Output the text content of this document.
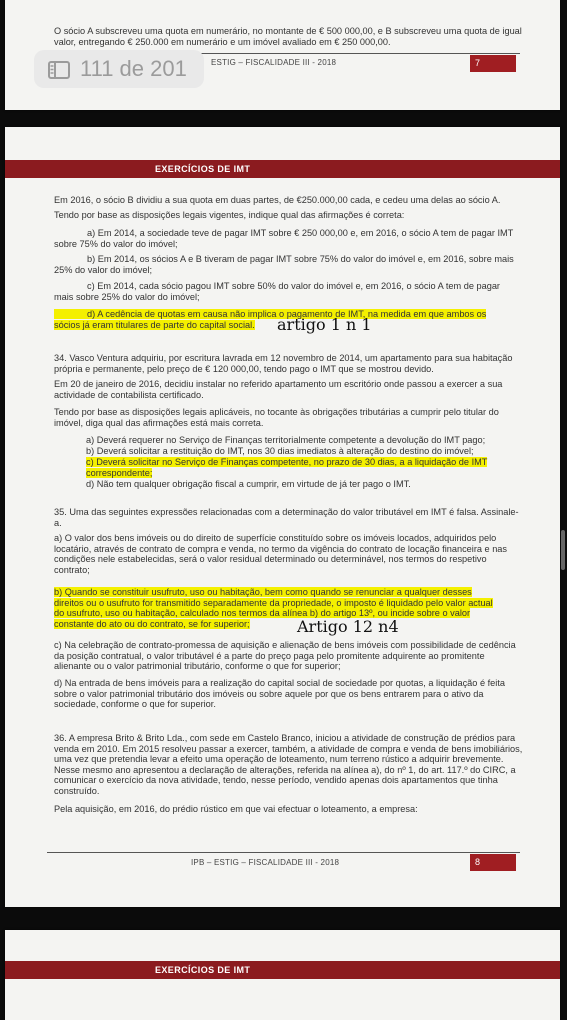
O sócio A subscreveu uma quota em numerário, no montante de € 500 000,00, e B subscreveu uma quota de igual valor, entregando € 250.000 em numerário e um imóvel avaliado em € 250 000,00.
ESTIG – FISCALIDADE III - 2018	7
111 de 201
EXERCÍCIOS DE IMT
Em 2016, o sócio B dividiu a sua quota em duas partes, de €250.000,00 cada, e cedeu uma delas ao sócio A.
Tendo por base as disposições legais vigentes, indique qual das afirmações é correta:
a) Em 2014, a sociedade teve de pagar IMT sobre € 250 000,00 e, em 2016, o sócio A tem de pagar IMT sobre 75% do valor do imóvel;
b) Em 2014, os sócios A e B tiveram de pagar IMT sobre 75% do valor do imóvel e, em 2016, sobre mais 25% do valor do imóvel;
c) Em 2014, cada sócio pagou IMT sobre 50% do valor do imóvel e, em 2016, o sócio A tem de pagar mais sobre 25% do valor do imóvel;
d) A cedência de quotas em causa não implica o pagamento de IMT, na medida em que ambos os
sócios já eram titulares de parte do capital social.	artigo 1 n 1
34. Vasco Ventura adquiriu, por escritura lavrada em 12 novembro de 2014, um apartamento para sua habitação própria e permanente, pelo preço de € 120 000,00, tendo pago o IMT que se mostrou devido.
Em 20 de janeiro de 2016, decidiu instalar no referido apartamento um escritório onde passou a exercer a sua actividade de contabilista certificado.
Tendo por base as disposições legais aplicáveis, no tocante às obrigações tributárias a cumprir pelo titular do imóvel, diga qual das afirmações está mais correta.
a) Deverá requerer no Serviço de Finanças territorialmente competente a devolução do IMT pago;
b) Deverá solicitar a restituição do IMT, nos 30 dias imediatos à alteração do destino do imóvel;
c) Deverá solicitar no Serviço de Finanças competente, no prazo de 30 dias, a a liquidação de IMT
correspondente;
d) Não tem qualquer obrigação fiscal a cumprir, em virtude de já ter pago o IMT.
35. Uma das seguintes expressões relacionadas com a determinação do valor tributável em IMT é falsa. Assinale-a.
a) O valor dos bens imóveis ou do direito de superfície constituído sobre os imóveis locados, adquiridos pelo locatário, através de contrato de compra e venda, no termo da vigência do contrato de locação financeira e nas condições nele estabelecidas, será o valor residual determinado ou determinável, nos termos do respetivo contrato;
b) Quando se constituir usufruto, uso ou habitação, bem como quando se renunciar a qualquer desses
direitos ou o usufruto for transmitido separadamente da propriedade, o imposto é liquidado pelo valor actual
do usufruto, uso ou habitação, calculado nos termos da alínea b) do artigo 13º, ou incide sobre o valor
constante do ato ou do contrato, se for superior;	Artigo 12 n4
c) Na celebração de contrato-promessa de aquisição e alienação de bens imóveis com possibilidade de cedência da posição contratual, o valor tributável é a parte do preço paga pelo promitente adquirente ao promitente alienante ou o valor patrimonial tributário, conforme o que for superior;
d) Na entrada de bens imóveis para a realização do capital social de sociedade por quotas, a liquidação é feita sobre o valor patrimonial tributário dos imóveis ou sobre aquele por que os bens entrarem para o ativo da sociedade, conforme o que for superior.
36. A empresa Brito & Brito Lda., com sede em Castelo Branco, iniciou a atividade de construção de prédios para venda em 2010. Em 2015 resolveu passar a exercer, também, a atividade de compra e venda de bens imobiliários, uma vez que pretendia levar a efeito uma operação de loteamento, num terreno rústico a adquirir brevemente. Nesse mesmo ano apresentou a declaração de alterações, referida na alínea a), do nº 1, do art. 117.º do CIRC, a comunicar o exercício da nova atividade, tendo, nesse período, vendido apenas dois apartamentos que tinha construído.
Pela aquisição, em 2016, do prédio rústico em que vai efectuar o loteamento, a empresa:
IPB – ESTIG – FISCALIDADE III - 2018	8
EXERCÍCIOS DE IMT
